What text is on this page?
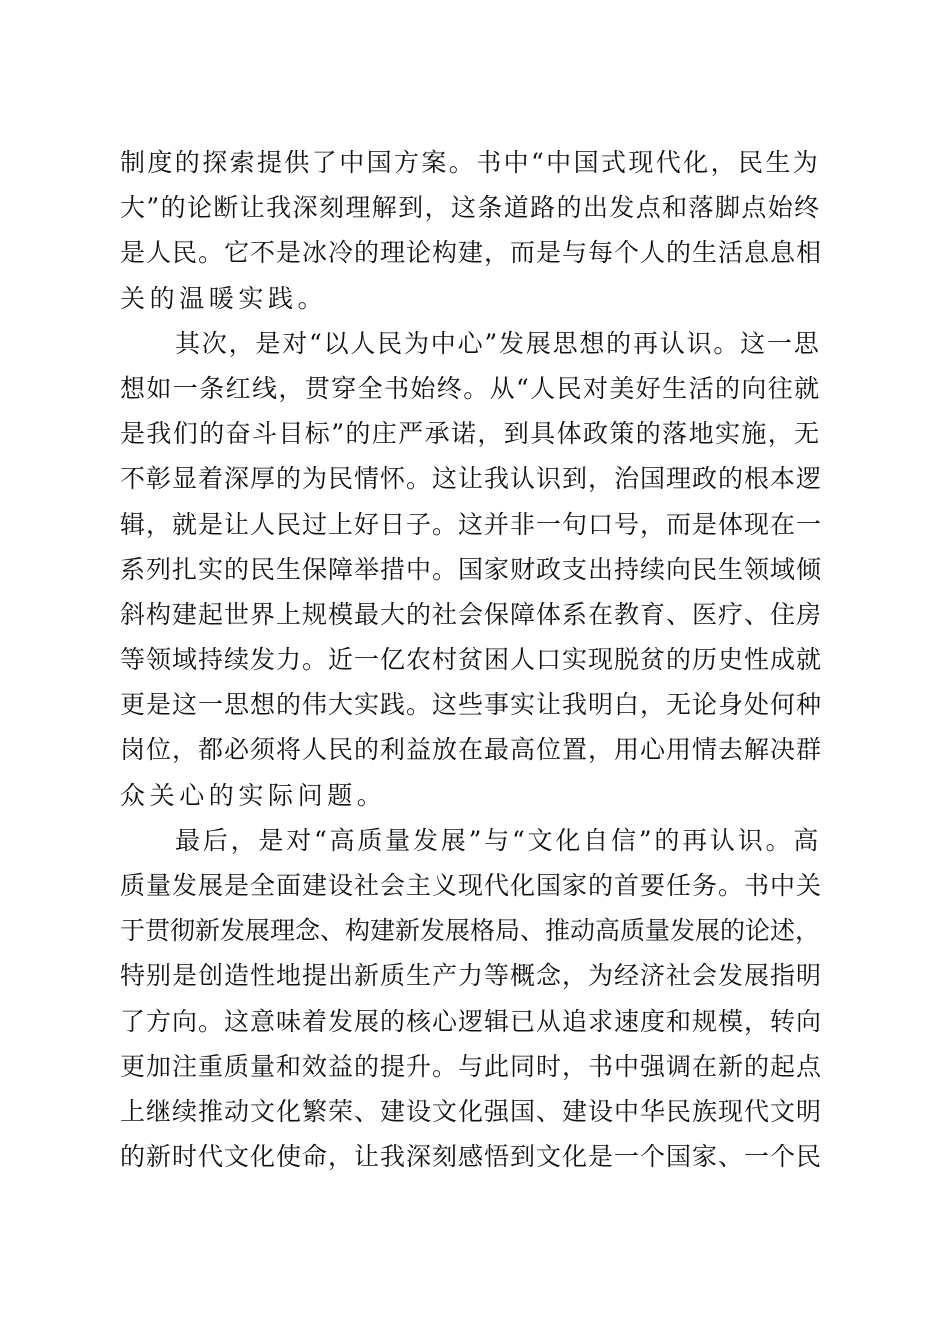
制度的探索提供了中国方案。书中“中国式现代化，民生为
大”的论断让我深刻理解到，这条道路的出发点和落脚点始终
是人民。它不是冰冷的理论构建，而是与每个人的生活息息相
关的温暖实践。
其次，是对“以人民为中心”发展思想的再认识。这一思
想如一条红线，贯穿全书始终。从“人民对美好生活的向往就
是我们的奋斗目标”的庄严承诺，到具体政策的落地实施，无
不彰显着深厚的为民情怀。这让我认识到，治国理政的根本逻
辑，就是让人民过上好日子。这并非一句口号，而是体现在一
系列扎实的民生保障举措中。国家财政支出持续向民生领域倾
斜构建起世界上规模最大的社会保障体系在教育、医疗、住房
等领域持续发力。近一亿农村贫困人口实现脱贫的历史性成就
更是这一思想的伟大实践。这些事实让我明白，无论身处何种
岗位，都必须将人民的利益放在最高位置，用心用情去解决群
众关心的实际问题。
最后，是对“高质量发展”与“文化自信”的再认识。高
质量发展是全面建设社会主义现代化国家的首要任务。书中关
于贯彻新发展理念、构建新发展格局、推动高质量发展的论述，
特别是创造性地提出新质生产力等概念，为经济社会发展指明
了方向。这意味着发展的核心逻辑已从追求速度和规模，转向
更加注重质量和效益的提升。与此同时，书中强调在新的起点
上继续推动文化繁荣、建设文化强国、建设中华民族现代文明
的新时代文化使命，让我深刻感悟到文化是一个国家、一个民
